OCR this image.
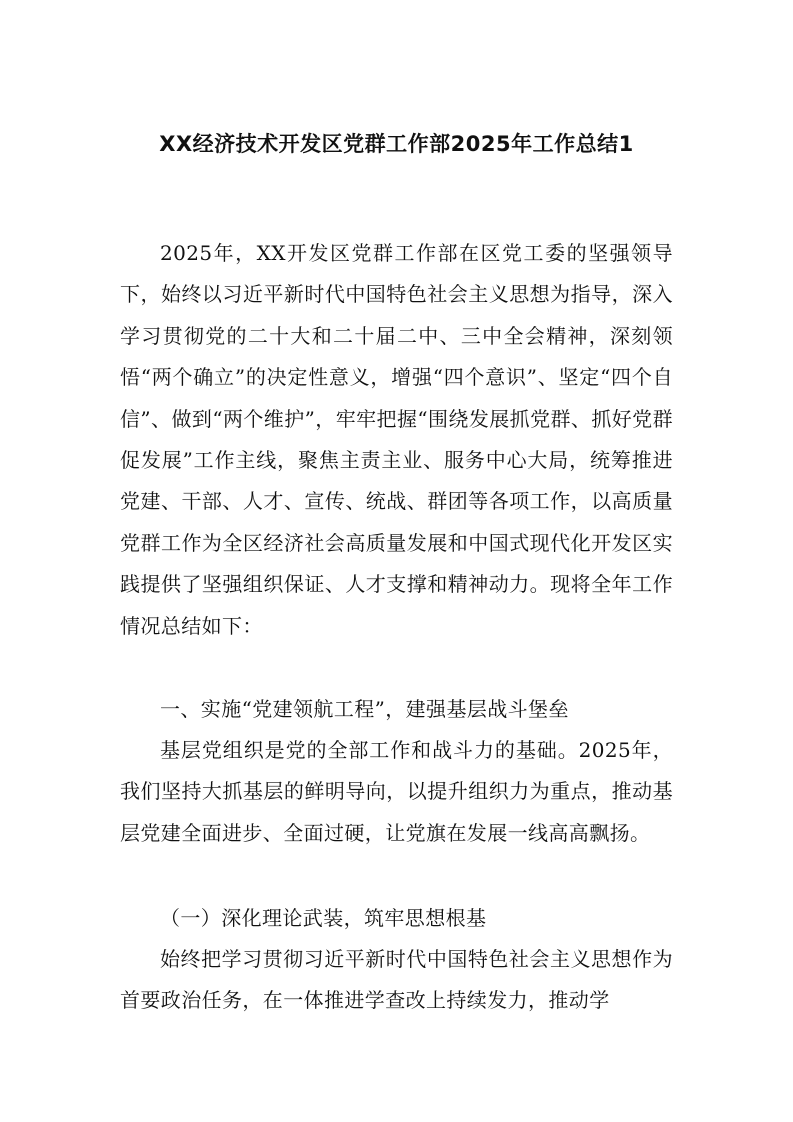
XX经济技术开发区党群工作部2025年工作总结1

2025年，XX开发区党群工作部在区党工委的坚强领导下，始终以习近平新时代中国特色社会主义思想为指导，深入学习贯彻党的二十大和二十届二中、三中全会精神，深刻领悟“两个确立”的决定性意义，增强“四个意识”、坚定“四个自信”、做到“两个维护”，牢牢把握“围绕发展抓党群、抓好党群促发展”工作主线，聚焦主责主业、服务中心大局，统筹推进党建、干部、人才、宣传、统战、群团等各项工作，以高质量党群工作为全区经济社会高质量发展和中国式现代化开发区实践提供了坚强组织保证、人才支撑和精神动力。现将全年工作情况总结如下：

一、实施“党建领航工程”，建强基层战斗堡垒

基层党组织是党的全部工作和战斗力的基础。2025年，我们坚持大抓基层的鲜明导向，以提升组织力为重点，推动基层党建全面进步、全面过硬，让党旗在发展一线高高飘扬。

（一）深化理论武装，筑牢思想根基

始终把学习贯彻习近平新时代中国特色社会主义思想作为首要政治任务，在一体推进学查改上持续发力，推动学
